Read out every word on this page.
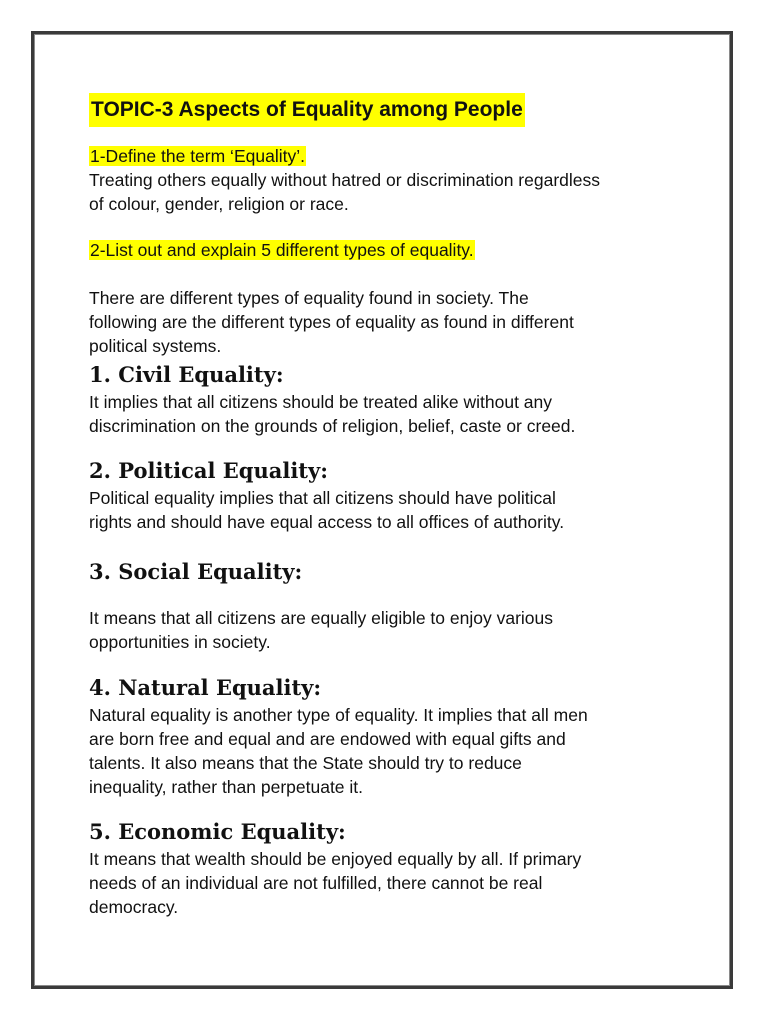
TOPIC-3 Aspects of Equality among People

1-Define the term ‘Equality’.

Treating others equally without hatred or discrimination regardless

of colour, gender, religion or race.

2-List out and explain 5 different types of equality.

There are different types of equality found in society. The

following are the different types of equality as found in different

political systems.

1. Civil Equality:

It implies that all citizens should be treated alike without any

discrimination on the grounds of religion, belief, caste or creed.

2. Political Equality:

Political equality implies that all citizens should have political

rights and should have equal access to all offices of authority.

3. Social Equality:

It means that all citizens are equally eligible to enjoy various

opportunities in society.

4. Natural Equality:

Natural equality is another type of equality. It implies that all men

are born free and equal and are endowed with equal gifts and

talents. It also means that the State should try to reduce

inequality, rather than perpetuate it.

5. Economic Equality:

It means that wealth should be enjoyed equally by all. If primary

needs of an individual are not fulfilled, there cannot be real

democracy.
